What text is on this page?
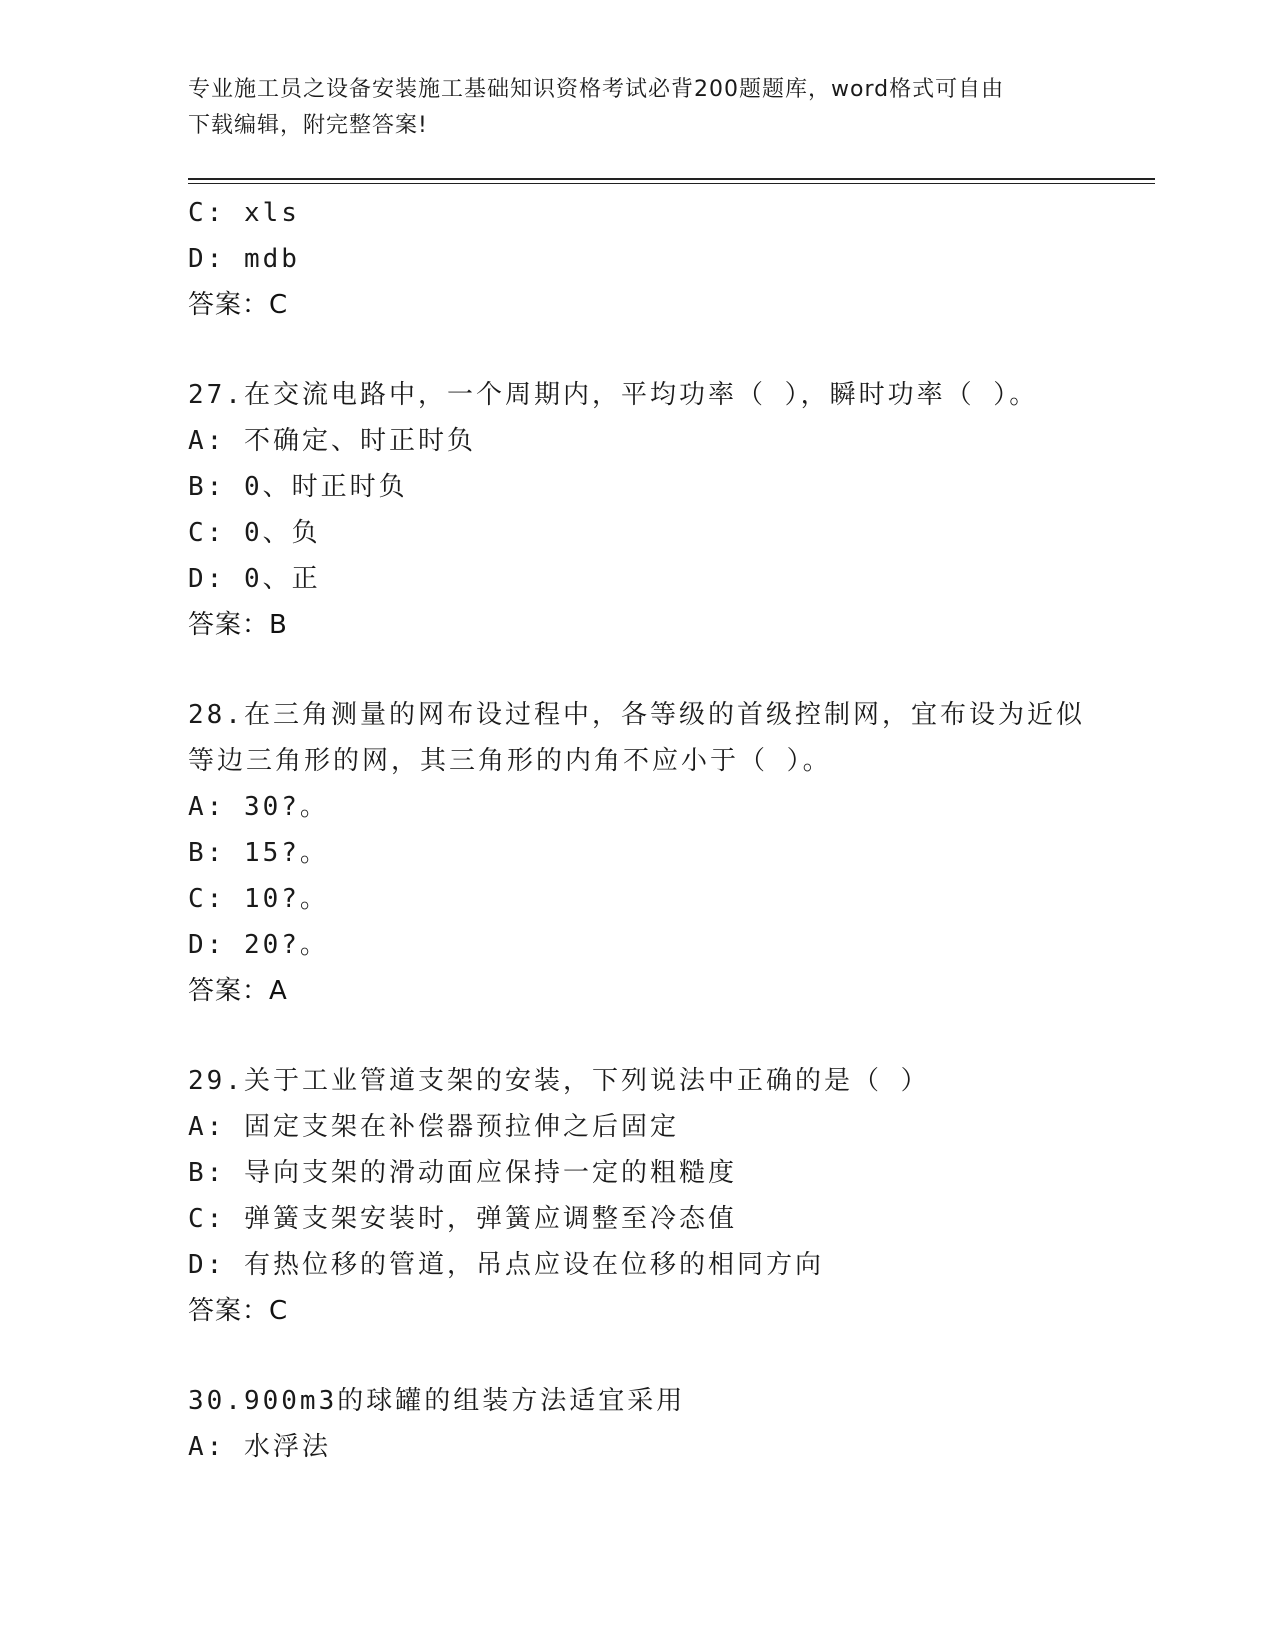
专业施工员之设备安装施工基础知识资格考试必背200题题库，word格式可自由
下载编辑，附完整答案!
C: xls
D: mdb
答案：C
27.在交流电路中，一个周期内，平均功率（ ），瞬时功率（ ）。
A: 不确定、时正时负
B: 0、时正时负
C: 0、负
D: 0、正
答案：B
28.在三角测量的网布设过程中，各等级的首级控制网，宜布设为近似
等边三角形的网，其三角形的内角不应小于（ ）。
A: 30?。
B: 15?。
C: 10?。
D: 20?。
答案：A
29.关于工业管道支架的安装，下列说法中正确的是（ ）
A: 固定支架在补偿器预拉伸之后固定
B: 导向支架的滑动面应保持一定的粗糙度
C: 弹簧支架安装时，弹簧应调整至冷态值
D: 有热位移的管道，吊点应设在位移的相同方向
答案：C
30.900m3的球罐的组装方法适宜采用
A: 水浮法
